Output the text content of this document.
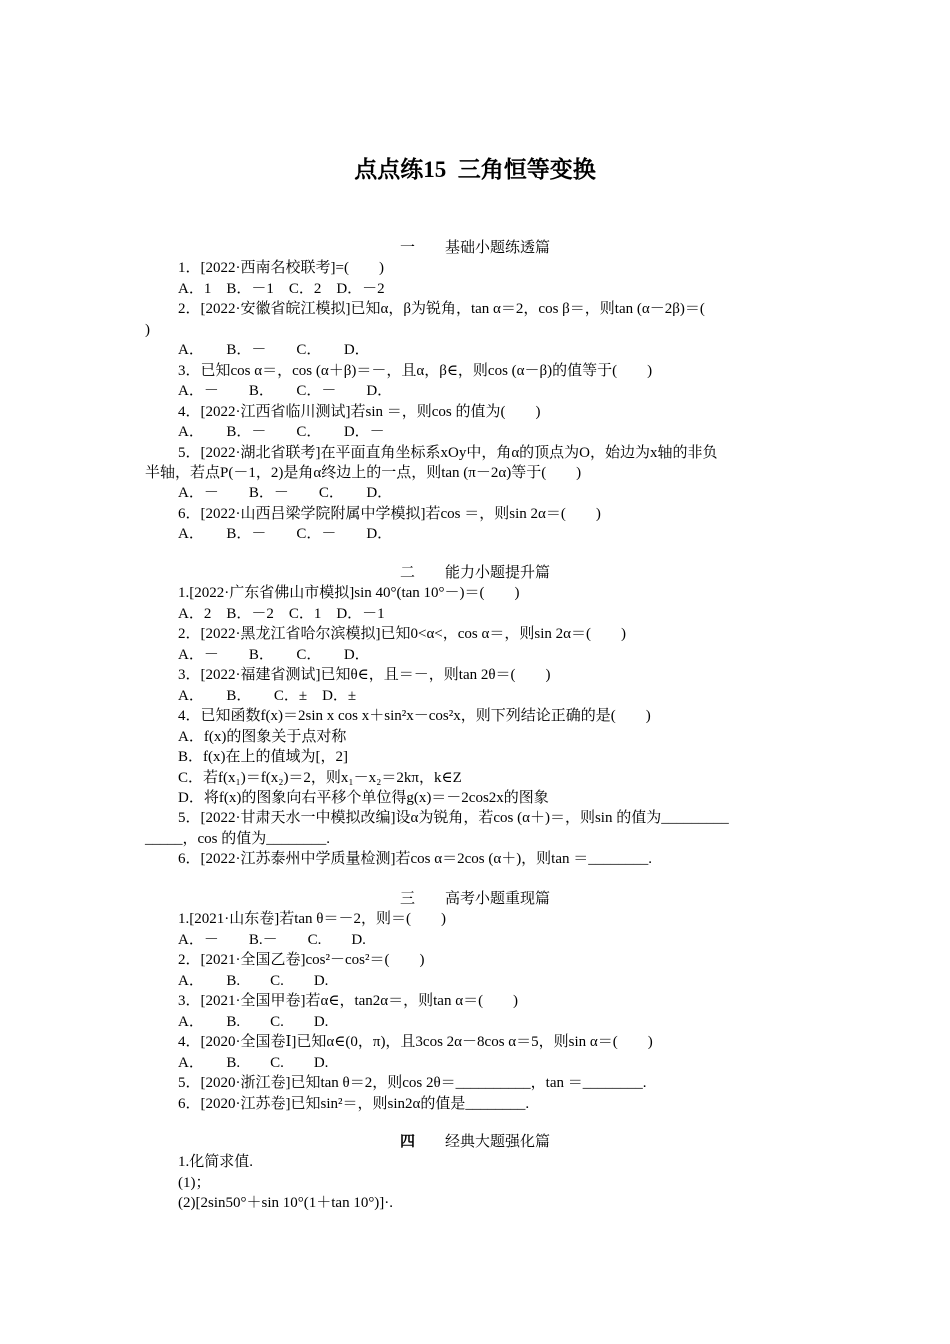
点点练15  三角恒等变换
一 基础小题练透篇
1．[2022·西南名校联考]=(　　)
A．1　B．－1　C．2　D．－2
2．[2022·安徽省皖江模拟]已知α，β为锐角，tan α＝2，cos β＝，则tan (α－2β)＝(
)
A．　　B．－　　C．　　D．
3．已知cos α＝，cos (α＋β)＝－，且α，β∈，则cos (α－β)的值等于(　　)
A．－　　B．　　C．－　　D．
4．[2022·江西省临川测试]若sin ＝，则cos 的值为(　　)
A．　　B．－　　C．　　D．－
5．[2022·湖北省联考]在平面直角坐标系xOy中，角α的顶点为O，始边为x轴的非负
半轴，若点P(－1，2)是角α终边上的一点，则tan (π－2α)等于(　　)
A．－　　B．－　　C．　　D．
6．[2022·山西吕梁学院附属中学模拟]若cos ＝，则sin 2α＝(　　)
A．　　B．－　　C．－　　D．
二 能力小题提升篇
1.[2022·广东省佛山市模拟]sin 40°(tan 10°－)＝(　　)
A．2　B．－2　C．1　D．－1
2．[2022·黑龙江省哈尔滨模拟]已知0<α<，cos α＝，则sin 2α＝(　　)
A．－　　B．　　C．　　D．
3．[2022·福建省测试]已知θ∈，且＝－，则tan 2θ＝(　　)
A．　　B．　　C．±　D．±
4．已知函数f(x)＝2sin x cos x＋sin²x－cos²x，则下列结论正确的是(　　)
A．f(x)的图象关于点对称
B．f(x)在上的值域为[，2]
C．若f(x₁)＝f(x₂)＝2，则x₁－x₂＝2kπ，k∈Z
D．将f(x)的图象向右平移个单位得g(x)＝－2cos2x的图象
5．[2022·甘肃天水一中模拟改编]设α为锐角，若cos (α＋)＝，则sin 的值为_________
_____，cos 的值为________.
6．[2022·江苏泰州中学质量检测]若cos α＝2cos (α＋)，则tan ＝________.
三 高考小题重现篇
1.[2021·山东卷]若tan θ＝－2，则＝(　　)
A．－　　B.－　　C.　　D.
2．[2021·全国乙卷]cos²－cos²＝(　　)
A．　　B.　　C.　　D.
3．[2021·全国甲卷]若α∈，tan2α＝，则tan α＝(　　)
A．　　B.　　C.　　D.
4．[2020·全国卷Ⅰ]已知α∈(0，π)，且3cos 2α－8cos α＝5，则sin α＝(　　)
A．　　B.　　C.　　D.
5．[2020·浙江卷]已知tan θ＝2，则cos 2θ＝__________，tan ＝________.
6．[2020·江苏卷]已知sin²＝，则sin2α的值是________.
四 经典大题强化篇
1.化简求值.
(1)；
(2)[2sin50°＋sin 10°(1＋tan 10°)]·.
